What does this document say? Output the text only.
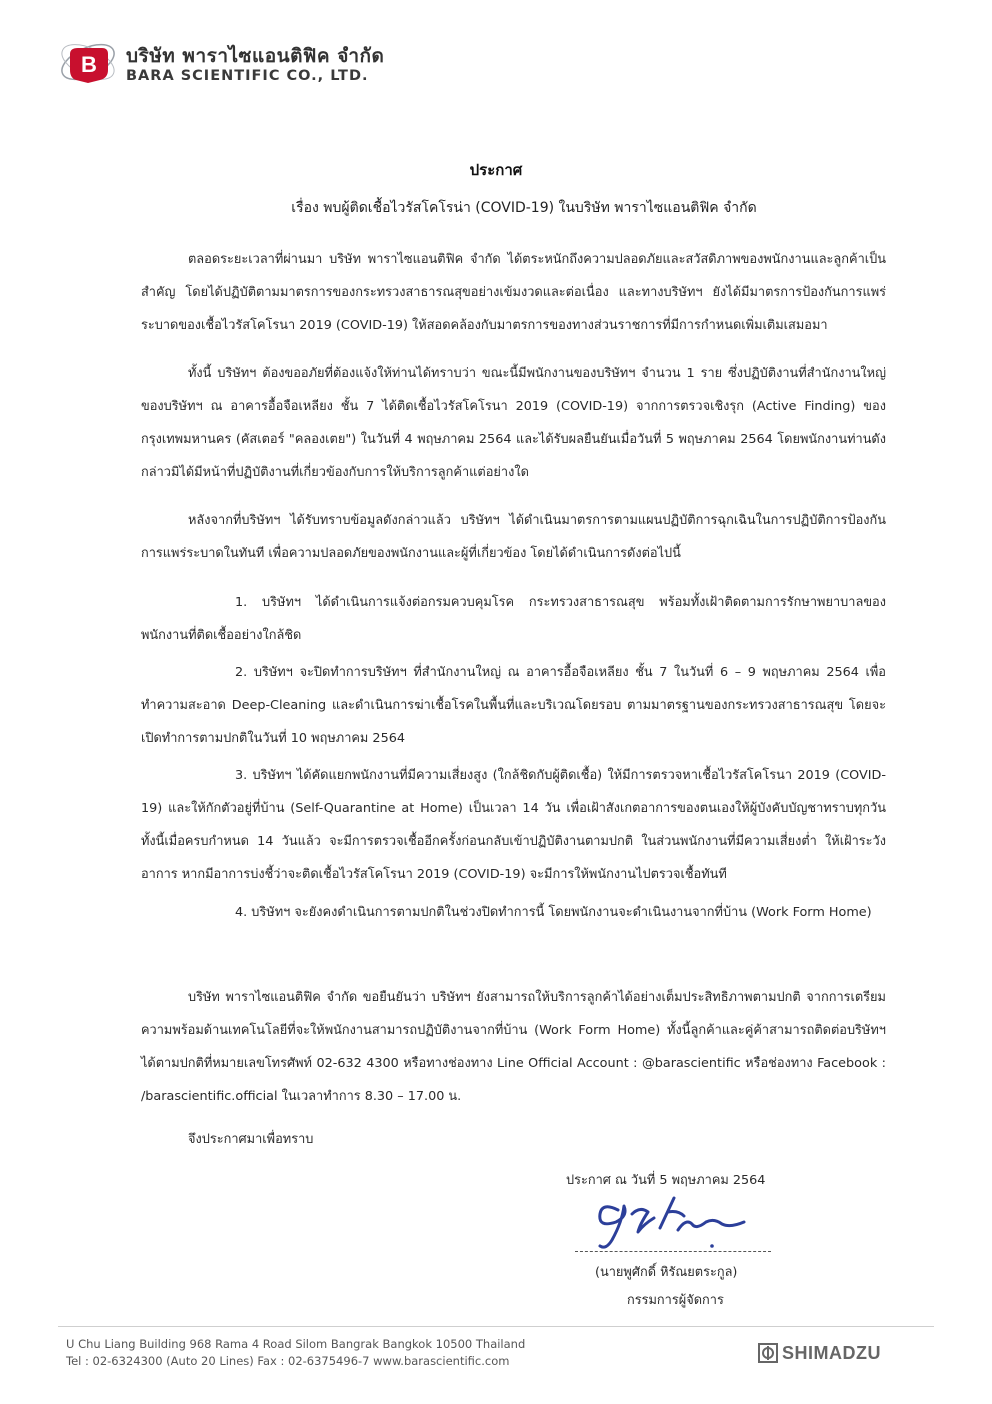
B บริษัท พาราไซแอนติฟิค จำกัด
BARA SCIENTIFIC CO., LTD.
ประกาศ
เรื่อง พบผู้ติดเชื้อไวรัสโคโรน่า (COVID-19) ในบริษัท พาราไซแอนติฟิค จำกัด

ตลอดระยะเวลาที่ผ่านมา บริษัท พาราไซแอนติฟิค จำกัด ได้ตระหนักถึงความปลอดภัยและสวัสดิภาพของพนักงานและลูกค้าเป็นสำคัญ โดยได้ปฏิบัติตามมาตรการของกระทรวงสาธารณสุขอย่างเข้มงวดและต่อเนื่อง และทางบริษัทฯ ยังได้มีมาตรการป้องกันการแพร่ระบาดของเชื้อไวรัสโคโรนา 2019 (COVID-19) ให้สอดคล้องกับมาตรการของทางส่วนราชการที่มีการกำหนดเพิ่มเติมเสมอมา

ทั้งนี้ บริษัทฯ ต้องขออภัยที่ต้องแจ้งให้ท่านได้ทราบว่า ขณะนี้มีพนักงานของบริษัทฯ จำนวน 1 ราย ซึ่งปฏิบัติงานที่สำนักงานใหญ่ของบริษัทฯ ณ อาคารอื้อจือเหลียง ชั้น 7 ได้ติดเชื้อไวรัสโคโรนา 2019 (COVID-19) จากการตรวจเชิงรุก (Active Finding) ของกรุงเทพมหานคร (คัสเตอร์ "คลองเตย") ในวันที่ 4 พฤษภาคม 2564 และได้รับผลยืนยันเมื่อวันที่ 5 พฤษภาคม 2564 โดยพนักงานท่านดังกล่าวมิได้มีหน้าที่ปฏิบัติงานที่เกี่ยวข้องกับการให้บริการลูกค้าแต่อย่างใด

หลังจากที่บริษัทฯ ได้รับทราบข้อมูลดังกล่าวแล้ว บริษัทฯ ได้ดำเนินมาตรการตามแผนปฏิบัติการฉุกเฉินในการปฏิบัติการป้องกันการแพร่ระบาดในทันที เพื่อความปลอดภัยของพนักงานและผู้ที่เกี่ยวข้อง โดยได้ดำเนินการดังต่อไปนี้

1. บริษัทฯ ได้ดำเนินการแจ้งต่อกรมควบคุมโรค กระทรวงสาธารณสุข พร้อมทั้งเฝ้าติดตามการรักษาพยาบาลของพนักงานที่ติดเชื้ออย่างใกล้ชิด

2. บริษัทฯ จะปิดทำการบริษัทฯ ที่สำนักงานใหญ่ ณ อาคารอื้อจือเหลียง ชั้น 7 ในวันที่ 6 – 9 พฤษภาคม 2564 เพื่อทำความสะอาด Deep-Cleaning และดำเนินการฆ่าเชื้อโรคในพื้นที่และบริเวณโดยรอบ ตามมาตรฐานของกระทรวงสาธารณสุข โดยจะเปิดทำการตามปกติในวันที่ 10 พฤษภาคม 2564

3. บริษัทฯ ได้คัดแยกพนักงานที่มีความเสี่ยงสูง (ใกล้ชิดกับผู้ติดเชื้อ) ให้มีการตรวจหาเชื้อไวรัสโคโรนา 2019 (COVID-19) และให้กักตัวอยู่ที่บ้าน (Self-Quarantine at Home) เป็นเวลา 14 วัน เพื่อเฝ้าสังเกตอาการของตนเองให้ผู้บังคับบัญชาทราบทุกวัน ทั้งนี้เมื่อครบกำหนด 14 วันแล้ว จะมีการตรวจเชื้ออีกครั้งก่อนกลับเข้าปฏิบัติงานตามปกติ ในส่วนพนักงานที่มีความเสี่ยงต่ำ ให้เฝ้าระวังอาการ หากมีอาการบ่งชี้ว่าจะติดเชื้อไวรัสโคโรนา 2019 (COVID-19) จะมีการให้พนักงานไปตรวจเชื้อทันที

4. บริษัทฯ จะยังคงดำเนินการตามปกติในช่วงปิดทำการนี้ โดยพนักงานจะดำเนินงานจากที่บ้าน (Work Form Home)

บริษัท พาราไซแอนติฟิค จำกัด ขอยืนยันว่า บริษัทฯ ยังสามารถให้บริการลูกค้าได้อย่างเต็มประสิทธิภาพตามปกติ จากการเตรียมความพร้อมด้านเทคโนโลยีที่จะให้พนักงานสามารถปฏิบัติงานจากที่บ้าน (Work Form Home) ทั้งนี้ลูกค้าและคู่ค้าสามารถติดต่อบริษัทฯ ได้ตามปกติที่หมายเลขโทรศัพท์ 02-632 4300 หรือทางช่องทาง Line Official Account : @barascientific หรือช่องทาง Facebook : /barascientific.official ในเวลาทำการ 8.30 – 17.00 น.

จึงประกาศมาเพื่อทราบ
ประกาศ ณ วันที่ 5 พฤษภาคม 2564
(นายพูศักดิ์ หิรัณยตระกูล)
กรรมการผู้จัดการ
U Chu Liang Building 968 Rama 4 Road Silom Bangrak Bangkok 10500 Thailand
Tel : 02-6324300 (Auto 20 Lines) Fax : 02-6375496-7 www.barascientific.com	SHIMADZU
